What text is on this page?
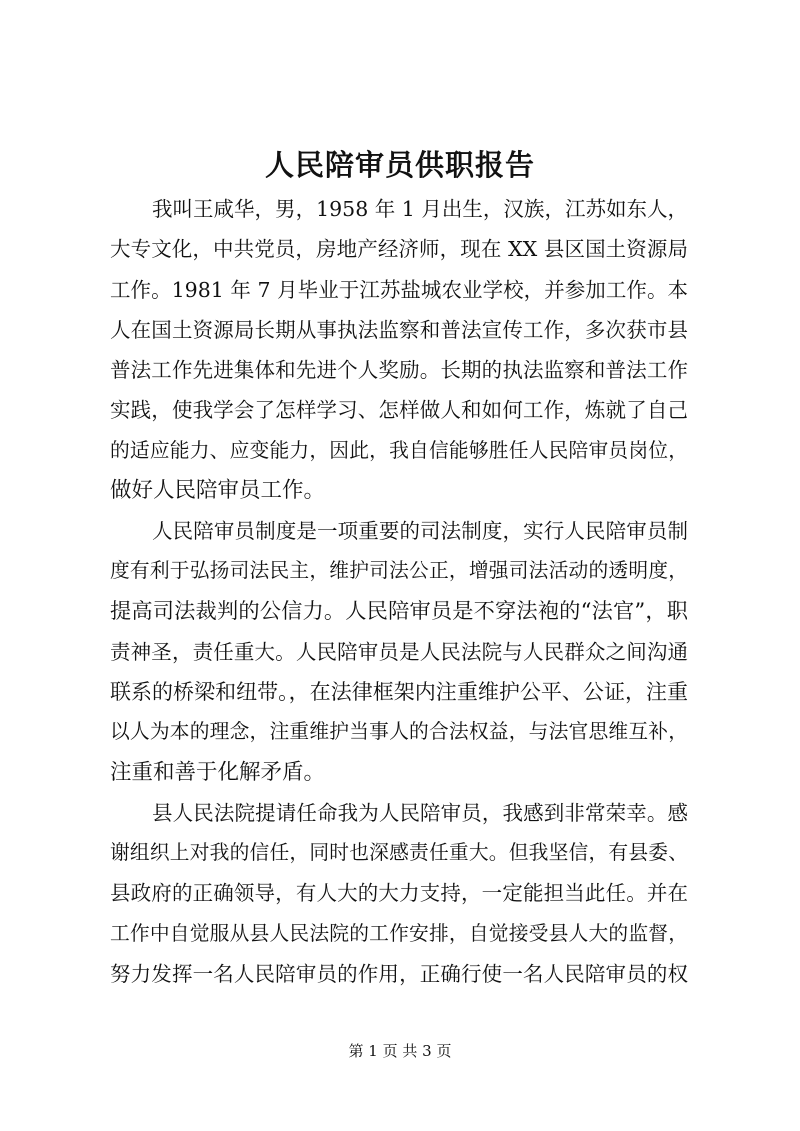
人民陪审员供职报告
我叫王咸华，男，1958 年 1 月出生，汉族，江苏如东人，
大专文化，中共党员，房地产经济师，现在 XX 县区国土资源局
工作。1981 年 7 月毕业于江苏盐城农业学校，并参加工作。本
人在国土资源局长期从事执法监察和普法宣传工作，多次获市县
普法工作先进集体和先进个人奖励。长期的执法监察和普法工作
实践，使我学会了怎样学习、怎样做人和如何工作，炼就了自己
的适应能力、应变能力，因此，我自信能够胜任人民陪审员岗位，
做好人民陪审员工作。
人民陪审员制度是一项重要的司法制度，实行人民陪审员制
度有利于弘扬司法民主，维护司法公正，增强司法活动的透明度，
提高司法裁判的公信力。人民陪审员是不穿法袍的“法官”，职
责神圣，责任重大。人民陪审员是人民法院与人民群众之间沟通
联系的桥梁和纽带。，在法律框架内注重维护公平、公证，注重
以人为本的理念，注重维护当事人的合法权益，与法官思维互补，
注重和善于化解矛盾。
县人民法院提请任命我为人民陪审员，我感到非常荣幸。感
谢组织上对我的信任，同时也深感责任重大。但我坚信，有县委、
县政府的正确领导，有人大的大力支持，一定能担当此任。并在
工作中自觉服从县人民法院的工作安排，自觉接受县人大的监督，
努力发挥一名人民陪审员的作用，正确行使一名人民陪审员的权
第 1 页 共 3 页
